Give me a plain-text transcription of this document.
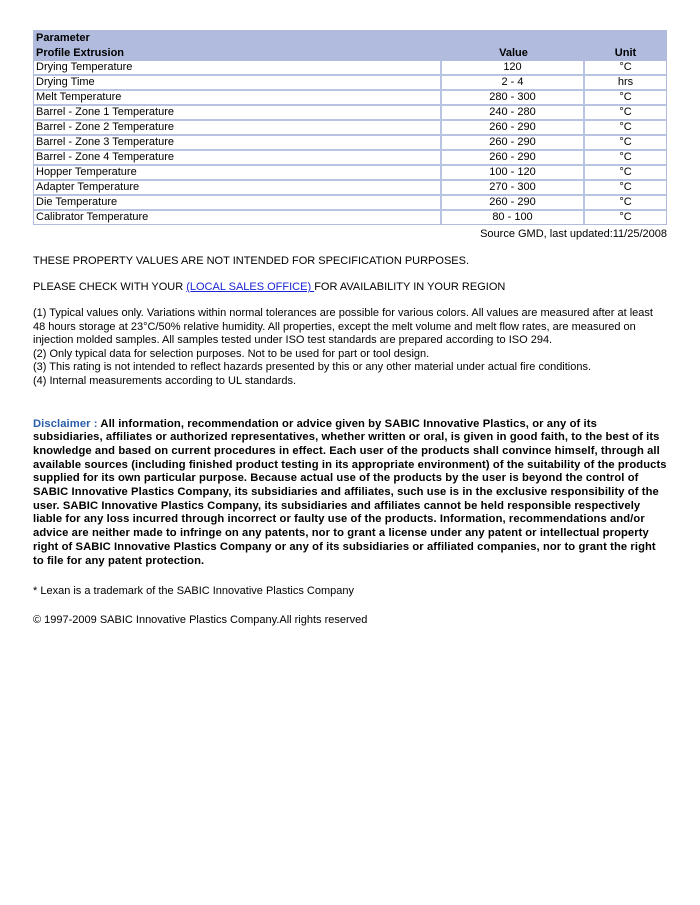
Parameter		
Profile Extrusion	Value	Unit
Drying Temperature	120	°C
Drying Time	2 - 4	hrs
Melt Temperature	280 - 300	°C
Barrel - Zone 1 Temperature	240 - 280	°C
Barrel - Zone 2 Temperature	260 - 290	°C
Barrel - Zone 3 Temperature	260 - 290	°C
Barrel - Zone 4 Temperature	260 - 290	°C
Hopper Temperature	100 - 120	°C
Adapter Temperature	270 - 300	°C
Die Temperature	260 - 290	°C
Calibrator Temperature	80 - 100	°C
Source GMD, last updated:11/25/2008
THESE PROPERTY VALUES ARE NOT INTENDED FOR SPECIFICATION PURPOSES.
PLEASE CHECK WITH YOUR (LOCAL SALES OFFICE) FOR AVAILABILITY IN YOUR REGION
(1) Typical values only. Variations within normal tolerances are possible for various colors. All values are measured after at least 48 hours storage at 23°C/50% relative humidity. All properties, except the melt volume and melt flow rates, are measured on injection molded samples. All samples tested under ISO test standards are prepared according to ISO 294.
(2) Only typical data for selection purposes. Not to be used for part or tool design.
(3) This rating is not intended to reflect hazards presented by this or any other material under actual fire conditions.
(4) Internal measurements according to UL standards.
Disclaimer : All information, recommendation or advice given by SABIC Innovative Plastics, or any of its subsidiaries, affiliates or authorized representatives, whether written or oral, is given in good faith, to the best of its knowledge and based on current procedures in effect. Each user of the products shall convince himself, through all available sources (including finished product testing in its appropriate environment) of the suitability of the products supplied for its own particular purpose. Because actual use of the products by the user is beyond the control of SABIC Innovative Plastics Company, its subsidiaries and affiliates, such use is in the exclusive responsibility of the user. SABIC Innovative Plastics Company, its subsidiaries and affiliates cannot be held responsible respectively liable for any loss incurred through incorrect or faulty use of the products. Information, recommendations and/or advice are neither made to infringe on any patents, nor to grant a license under any patent or intellectual property right of SABIC Innovative Plastics Company or any of its subsidiaries or affiliated companies, nor to grant the right to file for any patent protection.
* Lexan is a trademark of the SABIC Innovative Plastics Company
© 1997-2009 SABIC Innovative Plastics Company.All rights reserved
